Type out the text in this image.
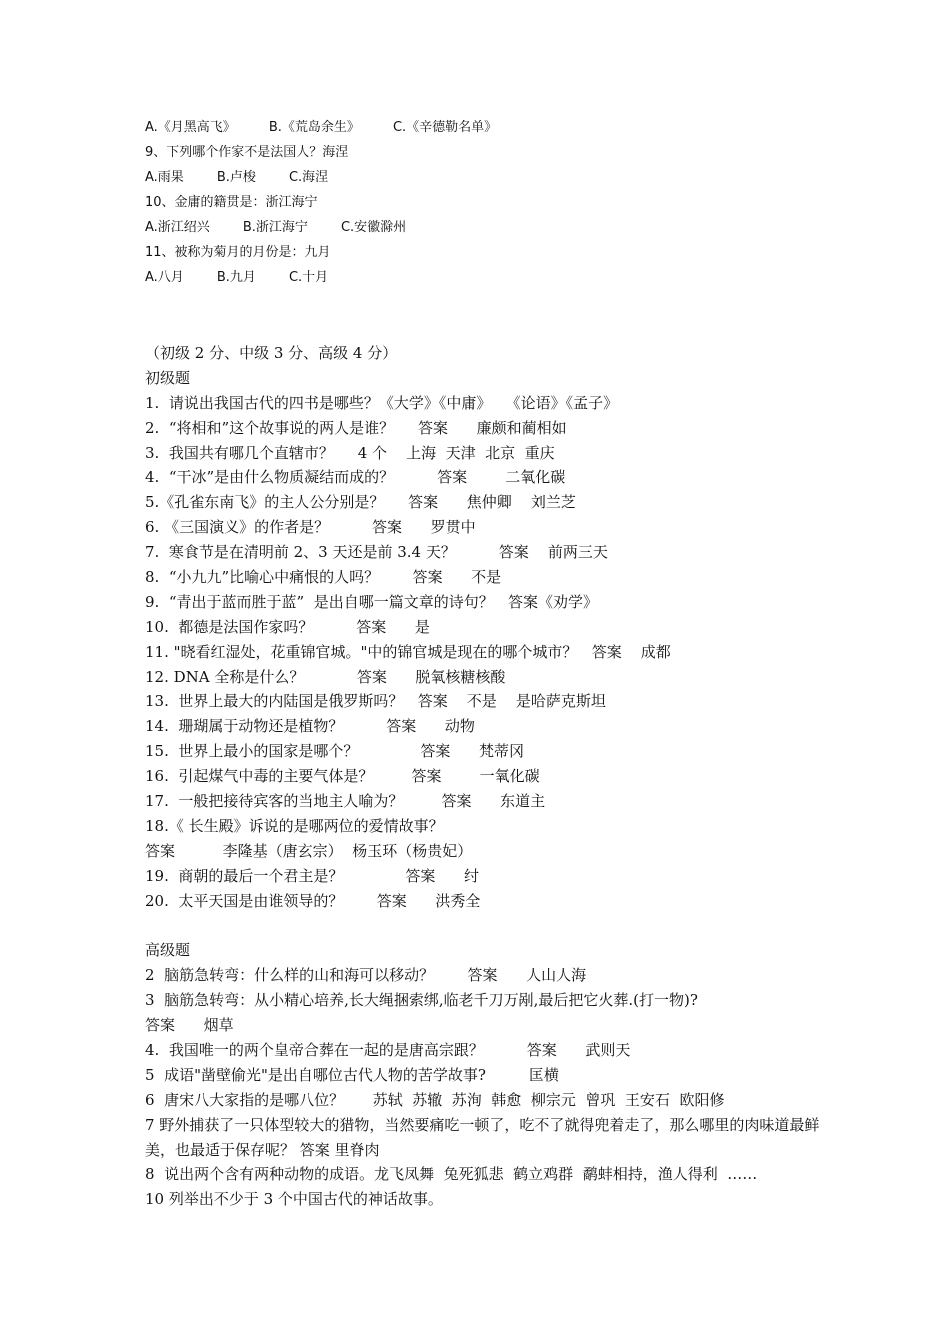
A.《月黑高飞》        B.《荒岛余生》        C.《辛德勒名单》
9、下列哪个作家不是法国人？海涅
A.雨果        B.卢梭        C.海涅
10、金庸的籍贯是：浙江海宁
A.浙江绍兴        B.浙江海宁        C.安徽滁州
11、被称为菊月的月份是：九月
A.八月        B.九月        C.十月
（初级 2 分、中级 3 分、高级 4 分）
初级题
1.  请说出我国古代的四书是哪些？《大学》《中庸》   《论语》《孟子》
2.  “将相和”这个故事说的两人是谁？     答案      廉颇和蔺相如
3.  我国共有哪几个直辖市？     4 个    上海  天津  北京  重庆
4.  “干冰”是由什么物质凝结而成的？         答案        二氧化碳
5.《孔雀东南飞》的主人公分别是？     答案      焦仲卿    刘兰芝
6. 《三国演义》的作者是？         答案      罗贯中
7.  寒食节是在清明前 2、3 天还是前 3.4 天？         答案    前两三天
8.  “小九九”比喻心中痛恨的人吗？       答案      不是
9.  “青出于蓝而胜于蓝”  是出自哪一篇文章的诗句？   答案《劝学》
10.  都德是法国作家吗？         答案      是
11. "晓看红湿处，花重锦官城。"中的锦官城是现在的哪个城市？   答案    成都
12. DNA 全称是什么？           答案      脱氧核糖核酸
13.  世界上最大的内陆国是俄罗斯吗？   答案    不是    是哈萨克斯坦
14.  珊瑚属于动物还是植物？         答案      动物
15.  世界上最小的国家是哪个？             答案      梵蒂冈
16.  引起煤气中毒的主要气体是？        答案        一氧化碳
17.  一般把接待宾客的当地主人喻为？        答案      东道主
18.《 长生殿》诉说的是哪两位的爱情故事？
答案          李隆基（唐玄宗）  杨玉环（杨贵妃）
19.  商朝的最后一个君主是？             答案      纣
20.  太平天国是由谁领导的？       答案      洪秀全
高级题
2  脑筋急转弯：什么样的山和海可以移动？       答案      人山人海
3  脑筋急转弯：从小精心培养,长大绳捆索绑,临老千刀万剐,最后把它火葬.(打一物)?
答案      烟草
4.  我国唯一的两个皇帝合葬在一起的是唐高宗跟？         答案      武则天
5  成语"凿壁偷光"是出自哪位古代人物的苦学故事?         匡横
6  唐宋八大家指的是哪八位？      苏轼  苏辙  苏洵  韩愈  柳宗元  曾巩  王安石  欧阳修
7 野外捕获了一只体型较大的猎物，当然要痛吃一顿了，吃不了就得兜着走了，那么哪里的肉味道最鲜美，也最适于保存呢？ 答案 里脊肉
8  说出两个含有两种动物的成语。龙飞凤舞  兔死狐悲  鹤立鸡群  鹬蚌相持，渔人得利  ……
10 列举出不少于 3 个中国古代的神话故事。
